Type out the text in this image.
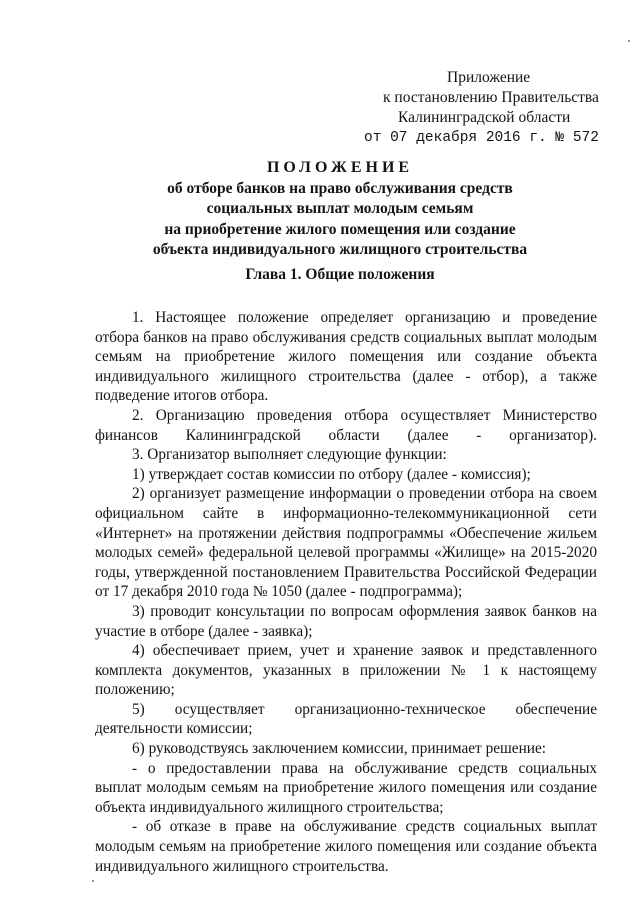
Приложение
к постановлению Правительства
Калининградской области
от 07 декабря 2016 г. № 572
ПОЛОЖЕНИЕ
об отборе банков на право обслуживания средств
социальных выплат молодым семьям
на приобретение жилого помещения или создание
объекта индивидуального жилищного строительства
Глава 1. Общие положения

1. Настоящее положение определяет организацию и проведение отбора банков на право обслуживания средств социальных выплат молодым семьям на приобретение жилого помещения или создание объекта индивидуального жилищного строительства (далее - отбор), а также подведение итогов отбора.

2. Организацию проведения отбора осуществляет Министерство финансов Калининградской области (далее - организатор).

3. Организатор выполняет следующие функции:

1) утверждает состав комиссии по отбору (далее - комиссия);

2) организует размещение информации о проведении отбора на своем официальном сайте в информационно-телекоммуникационной сети «Интернет» на протяжении действия подпрограммы «Обеспечение жильем молодых семей» федеральной целевой программы «Жилище» на 2015-2020 годы, утвержденной постановлением Правительства Российской Федерации от 17 декабря 2010 года № 1050 (далее - подпрограмма);

3) проводит консультации по вопросам оформления заявок банков на участие в отборе (далее - заявка);

4) обеспечивает прием, учет и хранение заявок и представленного комплекта документов, указанных в приложении № 1 к настоящему положению;

5) осуществляет организационно-техническое обеспечение деятельности комиссии;

6) руководствуясь заключением комиссии, принимает решение:

- о предоставлении права на обслуживание средств социальных выплат молодым семьям на приобретение жилого помещения или создание объекта индивидуального жилищного строительства;

- об отказе в праве на обслуживание средств социальных выплат молодым семьям на приобретение жилого помещения или создание объекта индивидуального жилищного строительства.
